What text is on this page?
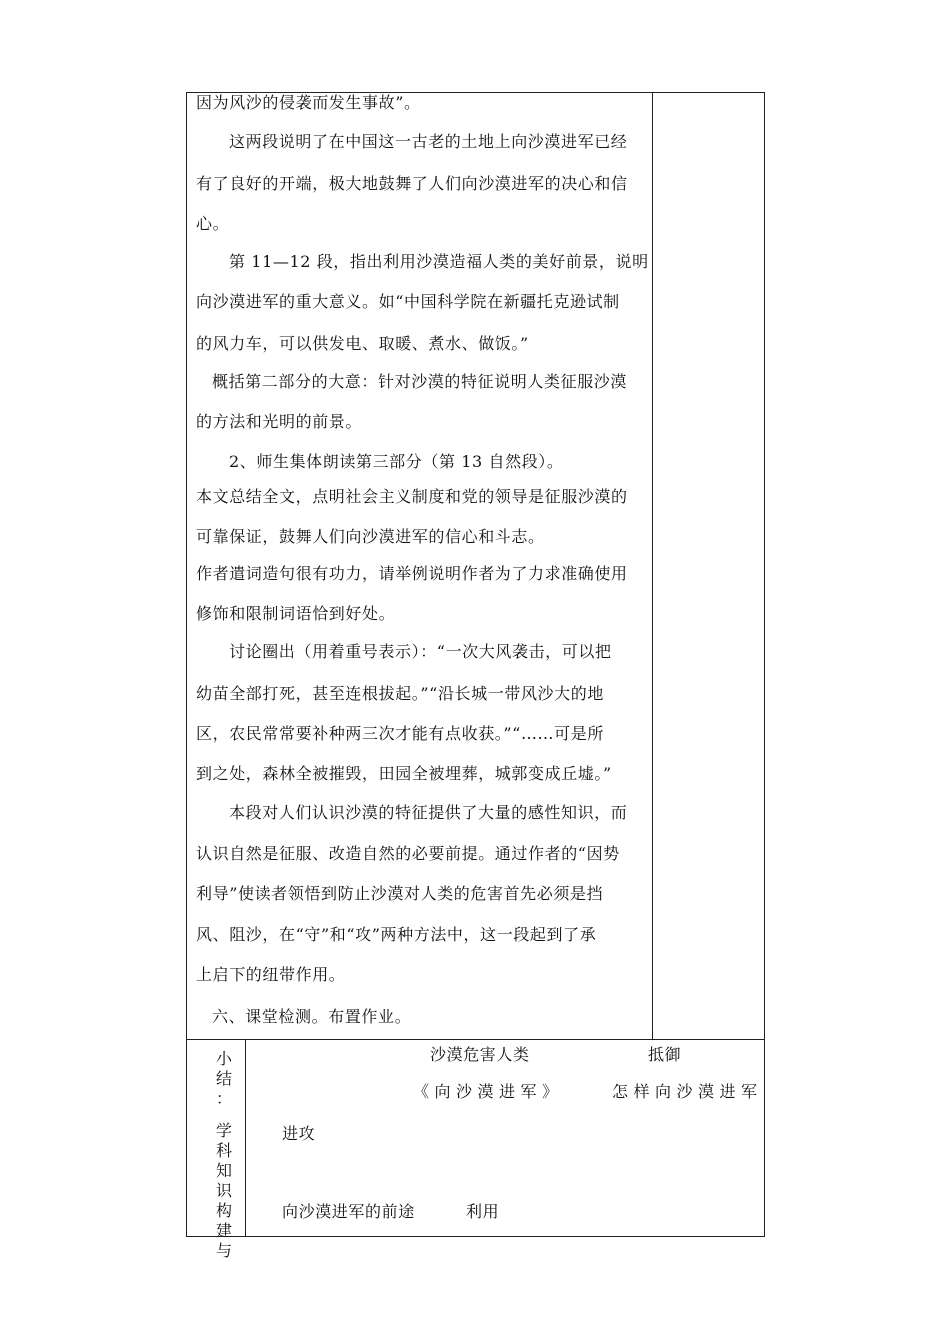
因为风沙的侵袭而发生事故”。
这两段说明了在中国这一古老的土地上向沙漠进军已经
有了良好的开端，极大地鼓舞了人们向沙漠进军的决心和信
心。
第 11—12 段，指出利用沙漠造福人类的美好前景，说明
向沙漠进军的重大意义。如“中国科学院在新疆托克逊试制
的风力车，可以供发电、取暖、煮水、做饭。”
概括第二部分的大意：针对沙漠的特征说明人类征服沙漠
的方法和光明的前景。
2、师生集体朗读第三部分（第 13 自然段）。
本文总结全文，点明社会主义制度和党的领导是征服沙漠的
可靠保证，鼓舞人们向沙漠进军的信心和斗志。
作者遣词造句很有功力，请举例说明作者为了力求准确使用
修饰和限制词语恰到好处。
讨论圈出（用着重号表示）：“一次大风袭击，可以把
幼苗全部打死，甚至连根拔起。”“沿长城一带风沙大的地
区，农民常常要补种两三次才能有点收获。”“……可是所
到之处，森林全被摧毁，田园全被埋葬，城郭变成丘墟。”
本段对人们认识沙漠的特征提供了大量的感性知识，而
认识自然是征服、改造自然的必要前提。通过作者的“因势
利导”使读者领悟到防止沙漠对人类的危害首先必须是挡
风、阻沙，在“守”和“攻”两种方法中，这一段起到了承
上启下的纽带作用。
六、课堂检测。布置作业。
小
结
：
学
科
知
识
构
建
与
沙漠危害人类	抵御
《向沙漠进军》	怎样向沙漠进军
进攻
向沙漠进军的前途	利用
